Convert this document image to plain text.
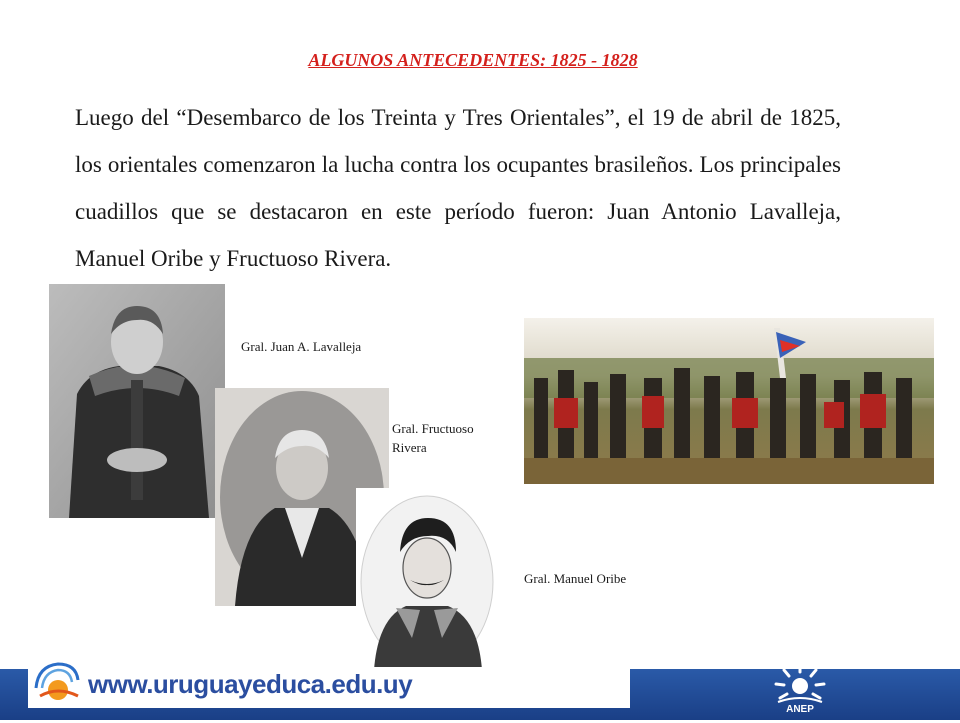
ALGUNOS ANTECEDENTES: 1825 - 1828
Luego del “Desembarco de los Treinta y Tres Orientales”, el 19 de abril de 1825, los orientales comenzaron la lucha contra los ocupantes brasileños. Los principales cuadillos que se destacaron en este período fueron: Juan Antonio Lavalleja, Manuel Oribe y Fructuoso Rivera.
Gral. Juan A. Lavalleja
Gral. Fructuoso Rivera
Gral. Manuel Oribe
www.uruguayeduca.edu.uy
ANEP
